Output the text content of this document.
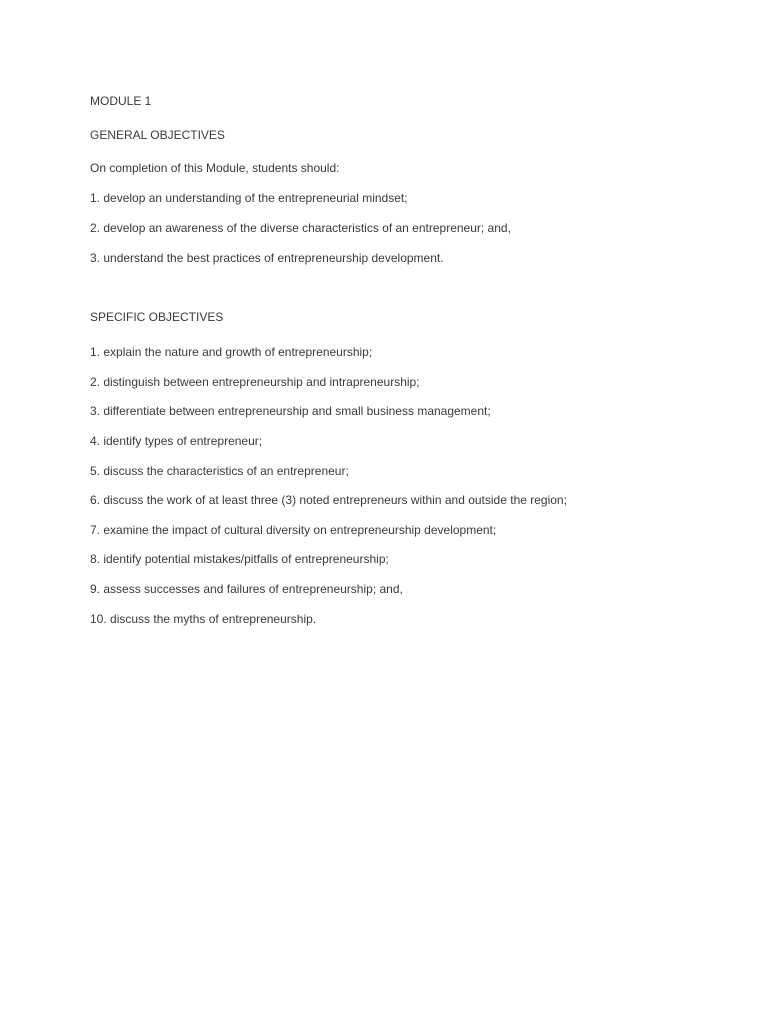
MODULE 1

GENERAL OBJECTIVES

On completion of this Module, students should:

1. develop an understanding of the entrepreneurial mindset;

2. develop an awareness of the diverse characteristics of an entrepreneur; and,

3. understand the best practices of entrepreneurship development.

SPECIFIC OBJECTIVES

1. explain the nature and growth of entrepreneurship;

2. distinguish between entrepreneurship and intrapreneurship;

3. differentiate between entrepreneurship and small business management;

4. identify types of entrepreneur;

5. discuss the characteristics of an entrepreneur;

6. discuss the work of at least three (3) noted entrepreneurs within and outside the region;

7. examine the impact of cultural diversity on entrepreneurship development;

8. identify potential mistakes/pitfalls of entrepreneurship;

9. assess successes and failures of entrepreneurship; and,

10. discuss the myths of entrepreneurship.
